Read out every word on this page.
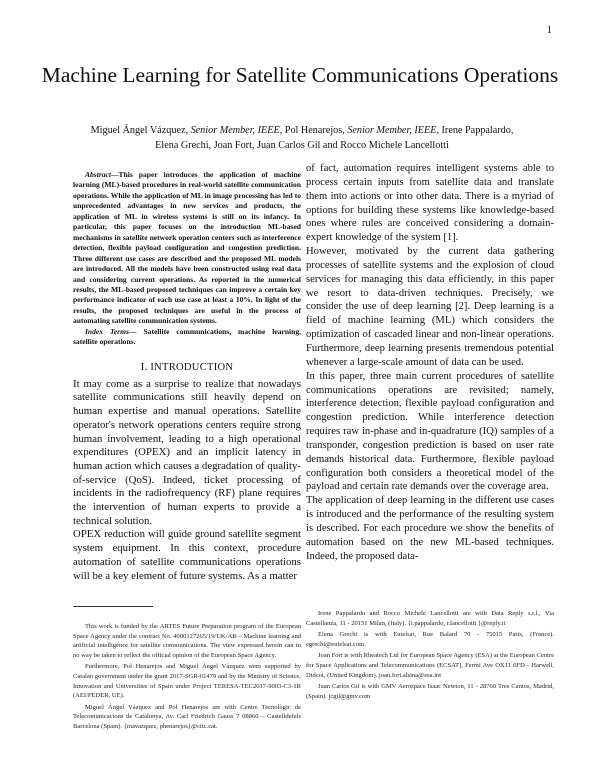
1
Machine Learning for Satellite Communications Operations
Miguel Ángel Vázquez, Senior Member, IEEE, Pol Henarejos, Senior Member, IEEE, Irene Pappalardo, Elena Grechi, Joan Fort, Juan Carlos Gil and Rocco Michele Lancellotti

Abstract—This paper introduces the application of machine learning (ML)-based procedures in real-world satellite communication operations. While the application of ML in image processing has led to unprecedented advantages in new services and products, the application of ML in wireless systems is still on its infancy. In particular, this paper focuses on the introduction ML-based mechanisms in satellite network operation centers such as interference detection, flexible payload configuration and congestion prediction. Three different use cases are described and the proposed ML models are introduced. All the models have been constructed using real data and considering current operations. As reported in the numerical results, the ML-based proposed techniques can improve a certain key performance indicator of each use case at least a 10%. In light of the results, the proposed techniques are useful in the process of automating satellite communication systems.

Index Terms— Satellite communications, machine learning, satellite operations.

I. INTRODUCTION

It may come as a surprise to realize that nowadays satellite communications still heavily depend on human expertise and manual operations. Satellite operator's network operations centers require strong human involvement, leading to a high operational expenditures (OPEX) and an implicit latency in human action which causes a degradation of quality-of-service (QoS). Indeed, ticket processing of incidents in the radiofrequency (RF) plane requires the intervention of human experts to provide a technical solution.

OPEX reduction will guide ground satellite segment system equipment. In this context, procedure automation of satellite communications operations will be a key element of future systems. As a matter

of fact, automation requires intelligent systems able to process certain inputs from satellite data and translate them into actions or into other data. There is a myriad of options for building these systems like knowledge-based ones where rules are conceived considering a domain-expert knowledge of the system [1].

However, motivated by the current data gathering processes of satellite systems and the explosion of cloud services for managing this data efficiently, in this paper we resort to data-driven techniques. Precisely, we consider the use of deep learning [2]. Deep learning is a field of machine learning (ML) which considers the optimization of cascaded linear and non-linear operations. Furthermore, deep learning presents tremendous potential whenever a large-scale amount of data can be used.

In this paper, three main current procedures of satellite communications operations are revisited; namely, interference detection, flexible payload configuration and congestion prediction. While interference detection requires raw in-phase and in-quadrature (IQ) samples of a transponder, congestion prediction is based on user rate demands historical data. Furthermore, flexible payload configuration both considers a theoretical model of the payload and certain rate demands over the coverage area.

The application of deep learning in the different use cases is introduced and the performance of the resulting system is described. For each procedure we show the benefits of automation based on the new ML-based techniques. Indeed, the proposed data-

This work is funded by the ARTES Future Preparation program of the European Space Agency under the contract No. 4000127265/19/UK/AB – Machine learning and artificial intelligence for satellite communications. The view expressed herein can in no way be taken to reflect the official opinion of the European Space Agency.

Furthermore, Pol Henarejos and Miguel Ángel Vázquez were supported by Catalan government under the grant 2017-SGR-01479 and by the Ministry of Science, Innovation and Universities of Spain under Project TERESA-TEC2017-9003-C3-1R (AEI/FEDER, UE).

Miguel Ángel Vázquez and Pol Henarejos are with Centre Tecnològic de Telecomunicacions de Catalunya, Av. Carl Friedrich Gauss 7 08860 – Castelldefels Barcelona (Spain). {mavazquez, phenarejos}@cttc.cat.

Irene Pappalardo and Rocco Michele Lancellotti are with Data Reply s.r.l., Via Castellanza, 11 - 20151 Milan, (Italy). {i.pappalardo, r.lancellotti }@reply.it

Elena Grechi is with Eutelsat, Rue Balard 70 - 75015 Paris, (France). egrechi@eutelsat.com.

Joan Fort is with Rheatech Ltd for European Space Agency (ESA) at the European Centre for Space Applications and Telecommunications (ECSAT), Fermi Ave OX11 0FD - Harwell, Didcot, (United Kingdom). joan.fort.alsina@esa.int

Juan Carlos Gil is with GMV Aerospace Isaac Newton, 11 - 28760 Tres Cantos, Madrid, (Spain). jcgil@gmv.com
